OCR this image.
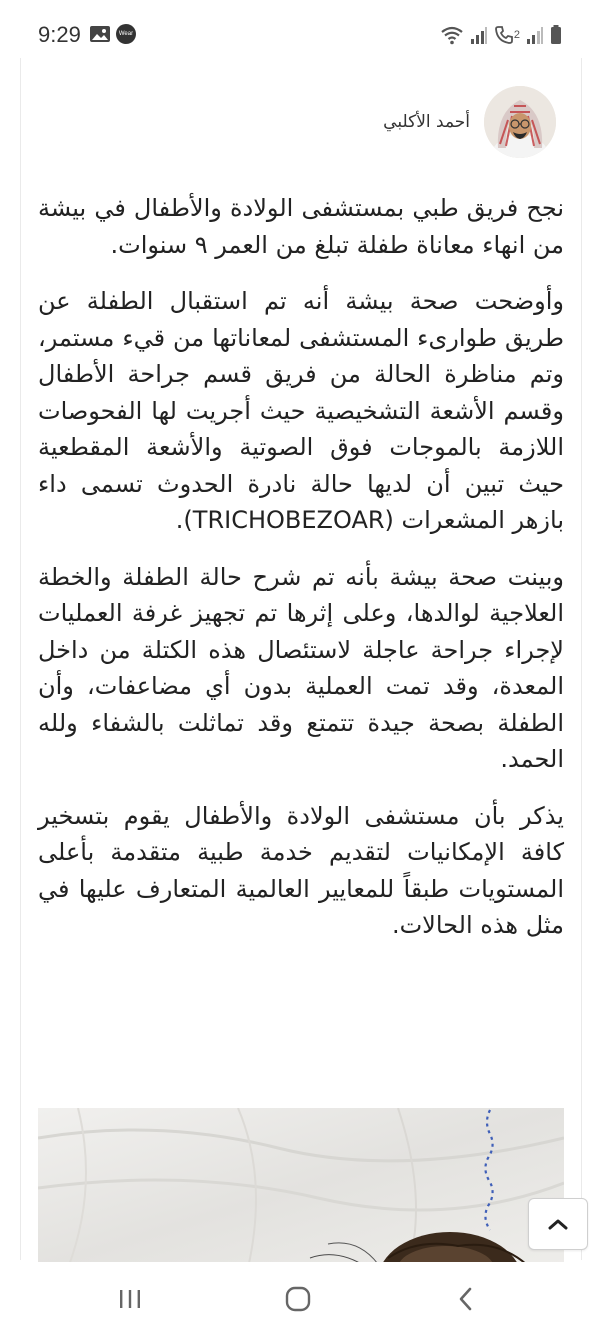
9:29	Wear	2
أحمد الأكلبي

نجح فريق طبي بمستشفى الولادة والأطفال في بيشة من انهاء معاناة طفلة تبلغ من العمر ٩ سنوات.

وأوضحت صحة بيشة أنه تم استقبال الطفلة عن طريق طوارىء المستشفى لمعاناتها من قيء مستمر، وتم مناظرة الحالة من فريق قسم جراحة الأطفال وقسم الأشعة التشخيصية حيث أجريت لها الفحوصات اللازمة بالموجات فوق الصوتية والأشعة المقطعية حيث تبين أن لديها حالة نادرة الحدوث تسمى داء بازهر المشعرات (TRICHOBEZOAR).

وبينت صحة بيشة بأنه تم شرح حالة الطفلة والخطة العلاجية لوالدها، وعلى إثرها تم تجهيز غرفة العمليات لإجراء جراحة عاجلة لاستئصال هذه الكتلة من داخل المعدة، وقد تمت العملية بدون أي مضاعفات، وأن الطفلة بصحة جيدة تتمتع وقد تماثلت بالشفاء ولله الحمد.

يذكر بأن مستشفى الولادة والأطفال يقوم بتسخير كافة الإمكانيات لتقديم خدمة طبية متقدمة بأعلى المستويات طبقاً للمعايير العالمية المتعارف عليها في مثل هذه الحالات.
